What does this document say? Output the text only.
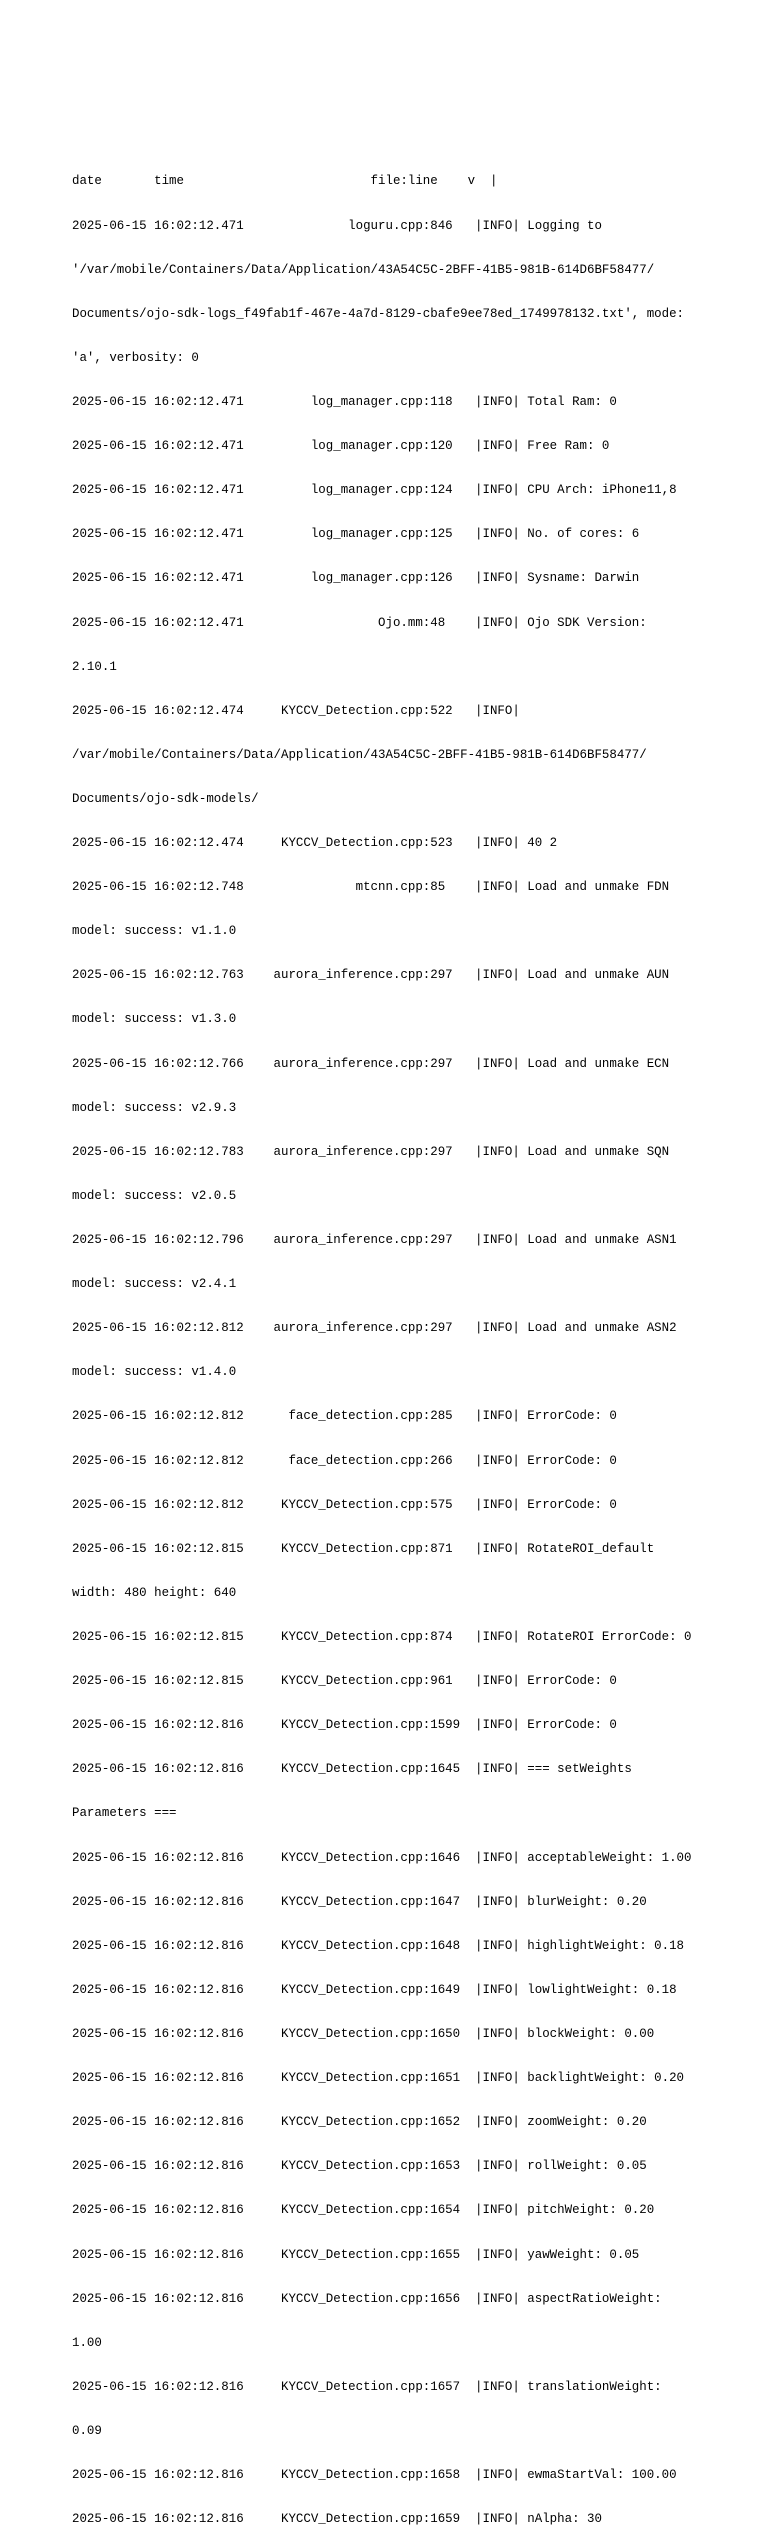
date       time                         file:line    v  |

2025-06-15 16:02:12.471              loguru.cpp:846   |INFO| Logging to

'/var/mobile/Containers/Data/Application/43A54C5C-2BFF-41B5-981B-614D6BF58477/

Documents/ojo-sdk-logs_f49fab1f-467e-4a7d-8129-cbafe9ee78ed_1749978132.txt', mode:

'a', verbosity: 0

2025-06-15 16:02:12.471         log_manager.cpp:118   |INFO| Total Ram: 0

2025-06-15 16:02:12.471         log_manager.cpp:120   |INFO| Free Ram: 0

2025-06-15 16:02:12.471         log_manager.cpp:124   |INFO| CPU Arch: iPhone11,8

2025-06-15 16:02:12.471         log_manager.cpp:125   |INFO| No. of cores: 6

2025-06-15 16:02:12.471         log_manager.cpp:126   |INFO| Sysname: Darwin

2025-06-15 16:02:12.471                  Ojo.mm:48    |INFO| Ojo SDK Version:

2.10.1

2025-06-15 16:02:12.474     KYCCV_Detection.cpp:522   |INFO|

/var/mobile/Containers/Data/Application/43A54C5C-2BFF-41B5-981B-614D6BF58477/

Documents/ojo-sdk-models/

2025-06-15 16:02:12.474     KYCCV_Detection.cpp:523   |INFO| 40 2

2025-06-15 16:02:12.748               mtcnn.cpp:85    |INFO| Load and unmake FDN

model: success: v1.1.0

2025-06-15 16:02:12.763    aurora_inference.cpp:297   |INFO| Load and unmake AUN

model: success: v1.3.0

2025-06-15 16:02:12.766    aurora_inference.cpp:297   |INFO| Load and unmake ECN

model: success: v2.9.3

2025-06-15 16:02:12.783    aurora_inference.cpp:297   |INFO| Load and unmake SQN

model: success: v2.0.5

2025-06-15 16:02:12.796    aurora_inference.cpp:297   |INFO| Load and unmake ASN1

model: success: v2.4.1

2025-06-15 16:02:12.812    aurora_inference.cpp:297   |INFO| Load and unmake ASN2

model: success: v1.4.0

2025-06-15 16:02:12.812      face_detection.cpp:285   |INFO| ErrorCode: 0

2025-06-15 16:02:12.812      face_detection.cpp:266   |INFO| ErrorCode: 0

2025-06-15 16:02:12.812     KYCCV_Detection.cpp:575   |INFO| ErrorCode: 0

2025-06-15 16:02:12.815     KYCCV_Detection.cpp:871   |INFO| RotateROI_default

width: 480 height: 640

2025-06-15 16:02:12.815     KYCCV_Detection.cpp:874   |INFO| RotateROI ErrorCode: 0

2025-06-15 16:02:12.815     KYCCV_Detection.cpp:961   |INFO| ErrorCode: 0

2025-06-15 16:02:12.816     KYCCV_Detection.cpp:1599  |INFO| ErrorCode: 0

2025-06-15 16:02:12.816     KYCCV_Detection.cpp:1645  |INFO| === setWeights

Parameters ===

2025-06-15 16:02:12.816     KYCCV_Detection.cpp:1646  |INFO| acceptableWeight: 1.00

2025-06-15 16:02:12.816     KYCCV_Detection.cpp:1647  |INFO| blurWeight: 0.20

2025-06-15 16:02:12.816     KYCCV_Detection.cpp:1648  |INFO| highlightWeight: 0.18

2025-06-15 16:02:12.816     KYCCV_Detection.cpp:1649  |INFO| lowlightWeight: 0.18

2025-06-15 16:02:12.816     KYCCV_Detection.cpp:1650  |INFO| blockWeight: 0.00

2025-06-15 16:02:12.816     KYCCV_Detection.cpp:1651  |INFO| backlightWeight: 0.20

2025-06-15 16:02:12.816     KYCCV_Detection.cpp:1652  |INFO| zoomWeight: 0.20

2025-06-15 16:02:12.816     KYCCV_Detection.cpp:1653  |INFO| rollWeight: 0.05

2025-06-15 16:02:12.816     KYCCV_Detection.cpp:1654  |INFO| pitchWeight: 0.20

2025-06-15 16:02:12.816     KYCCV_Detection.cpp:1655  |INFO| yawWeight: 0.05

2025-06-15 16:02:12.816     KYCCV_Detection.cpp:1656  |INFO| aspectRatioWeight:

1.00

2025-06-15 16:02:12.816     KYCCV_Detection.cpp:1657  |INFO| translationWeight:

0.09

2025-06-15 16:02:12.816     KYCCV_Detection.cpp:1658  |INFO| ewmaStartVal: 100.00

2025-06-15 16:02:12.816     KYCCV_Detection.cpp:1659  |INFO| nAlpha: 30
